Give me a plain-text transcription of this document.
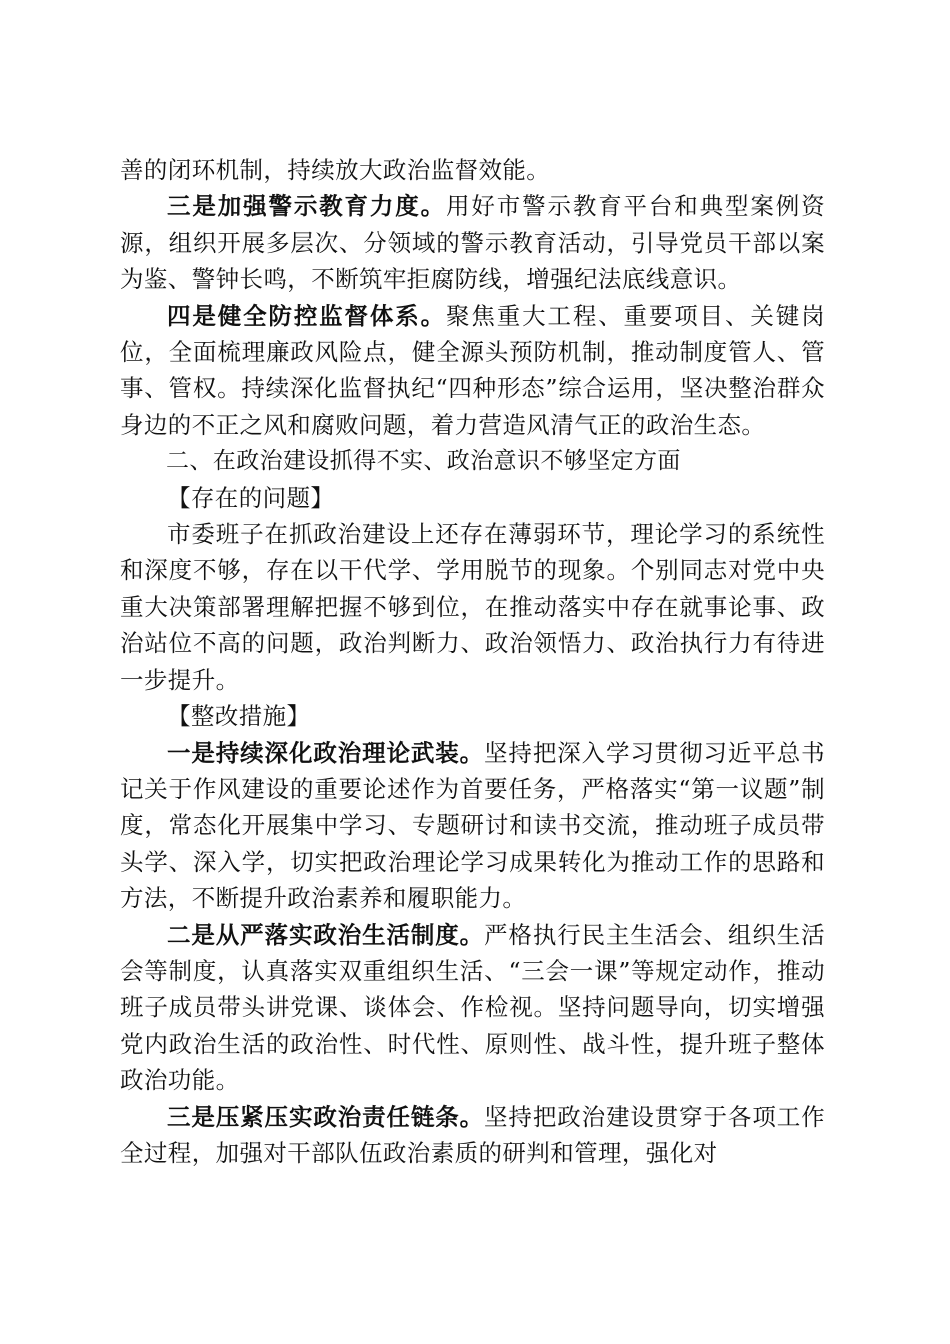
善的闭环机制，持续放大政治监督效能。

三是加强警示教育力度。用好市警示教育平台和典型案例资源，组织开展多层次、分领域的警示教育活动，引导党员干部以案为鉴、警钟长鸣，不断筑牢拒腐防线，增强纪法底线意识。

四是健全防控监督体系。聚焦重大工程、重要项目、关键岗位，全面梳理廉政风险点，健全源头预防机制，推动制度管人、管事、管权。持续深化监督执纪“四种形态”综合运用，坚决整治群众身边的不正之风和腐败问题，着力营造风清气正的政治生态。

二、在政治建设抓得不实、政治意识不够坚定方面

【存在的问题】

市委班子在抓政治建设上还存在薄弱环节，理论学习的系统性和深度不够，存在以干代学、学用脱节的现象。个别同志对党中央重大决策部署理解把握不够到位，在推动落实中存在就事论事、政治站位不高的问题，政治判断力、政治领悟力、政治执行力有待进一步提升。

【整改措施】

一是持续深化政治理论武装。坚持把深入学习贯彻习近平总书记关于作风建设的重要论述作为首要任务，严格落实“第一议题”制度，常态化开展集中学习、专题研讨和读书交流，推动班子成员带头学、深入学，切实把政治理论学习成果转化为推动工作的思路和方法，不断提升政治素养和履职能力。

二是从严落实政治生活制度。严格执行民主生活会、组织生活会等制度，认真落实双重组织生活、“三会一课”等规定动作，推动班子成员带头讲党课、谈体会、作检视。坚持问题导向，切实增强党内政治生活的政治性、时代性、原则性、战斗性，提升班子整体政治功能。

三是压紧压实政治责任链条。坚持把政治建设贯穿于各项工作全过程，加强对干部队伍政治素质的研判和管理，强化对
